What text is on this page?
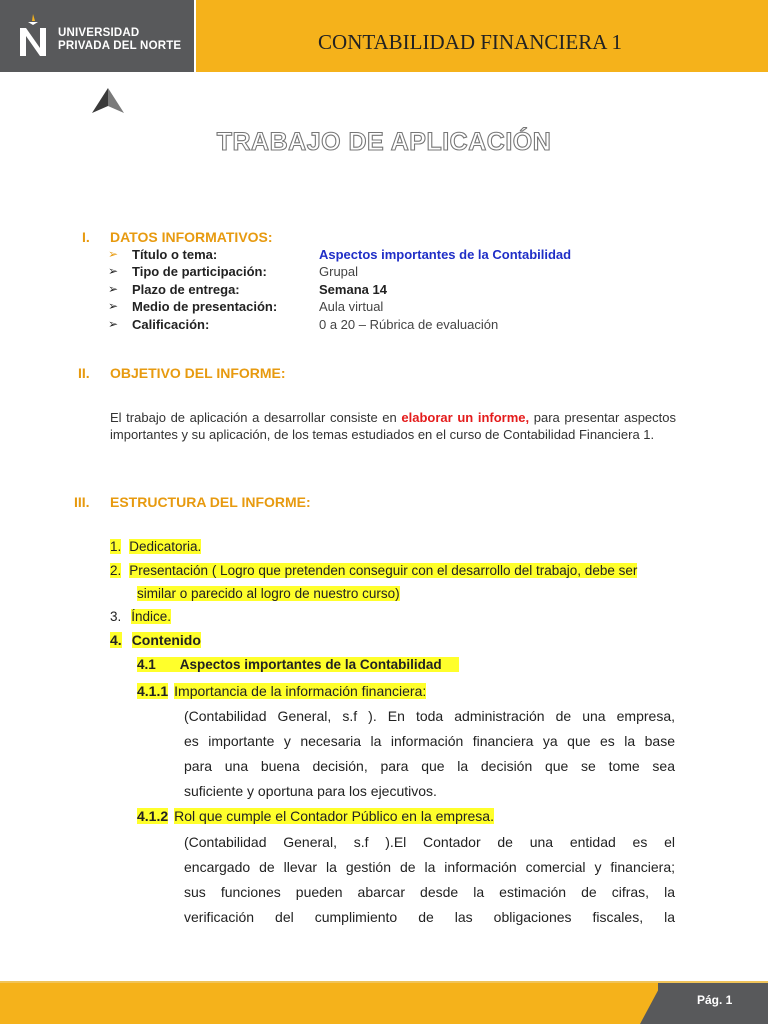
UNIVERSIDAD
PRIVADA DEL NORTE	CONTABILIDAD FINANCIERA 1
TRABAJO DE APLICACIÓN
I. DATOS INFORMATIVOS:
➢ Título o tema:	Aspectos importantes de la Contabilidad
➢ Tipo de participación:	Grupal
➢ Plazo de entrega:	Semana 14
➢ Medio de presentación:	Aula virtual
➢ Calificación:	0 a 20 – Rúbrica de evaluación
II. OBJETIVO DEL INFORME:
El trabajo de aplicación a desarrollar consiste en elaborar un informe, para presentar aspectos importantes y su aplicación, de los temas estudiados en el curso de Contabilidad Financiera 1.
III. ESTRUCTURA DEL INFORME:
1. Dedicatoria.
2. Presentación ( Logro que pretenden conseguir con el desarrollo del trabajo, debe ser
similar o parecido al logro de nuestro curso)
3. Índice.
4. Contenido
4.1 Aspectos importantes de la Contabilidad
4.1.1 Importancia de la información financiera:
(Contabilidad General, s.f ). En toda administración de una empresa,
es importante y necesaria la información financiera ya que es la base
para una buena decisión, para que la decisión que se tome sea
suficiente y oportuna para los ejecutivos.
4.1.2 Rol que cumple el Contador Público en la empresa.
(Contabilidad General, s.f ).El Contador de una entidad es el
encargado de llevar la gestión de la información comercial y financiera;
sus funciones pueden abarcar desde la estimación de cifras, la
verificación del cumplimiento de las obligaciones fiscales, la
Pág. 1
